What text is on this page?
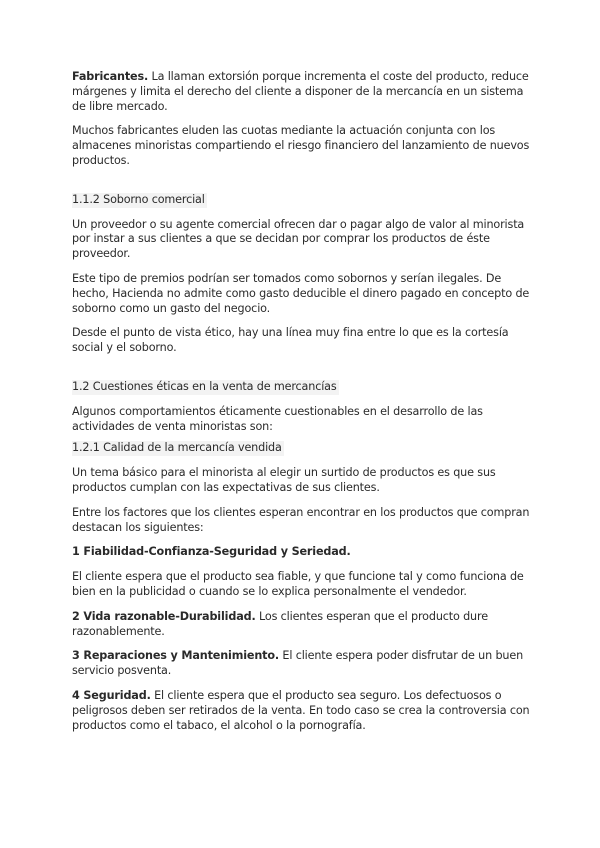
Fabricantes. La llaman extorsión porque incrementa el coste del producto, reduce márgenes y limita el derecho del cliente a disponer de la mercancía en un sistema de libre mercado.

Muchos fabricantes eluden las cuotas mediante la actuación conjunta con los almacenes minoristas compartiendo el riesgo financiero del lanzamiento de nuevos productos.

1.1.2 Soborno comercial

Un proveedor o su agente comercial ofrecen dar o pagar algo de valor al minorista por instar a sus clientes a que se decidan por comprar los productos de éste proveedor.

Este tipo de premios podrían ser tomados como sobornos y serían ilegales. De hecho, Hacienda no admite como gasto deducible el dinero pagado en concepto de soborno como un gasto del negocio.

Desde el punto de vista ético, hay una línea muy fina entre lo que es la cortesía social y el soborno.

1.2 Cuestiones éticas en la venta de mercancías

Algunos comportamientos éticamente cuestionables en el desarrollo de las actividades de venta minoristas son:

1.2.1 Calidad de la mercancía vendida

Un tema básico para el minorista al elegir un surtido de productos es que sus productos cumplan con las expectativas de sus clientes.

Entre los factores que los clientes esperan encontrar en los productos que compran destacan los siguientes:

1 Fiabilidad-Confianza-Seguridad y Seriedad.

El cliente espera que el producto sea fiable, y que funcione tal y como funciona de bien en la publicidad o cuando se lo explica personalmente el vendedor.

2 Vida razonable-Durabilidad. Los clientes esperan que el producto dure razonablemente.

3 Reparaciones y Mantenimiento. El cliente espera poder disfrutar de un buen servicio posventa.

4 Seguridad. El cliente espera que el producto sea seguro. Los defectuosos o peligrosos deben ser retirados de la venta. En todo caso se crea la controversia con productos como el tabaco, el alcohol o la pornografía.
